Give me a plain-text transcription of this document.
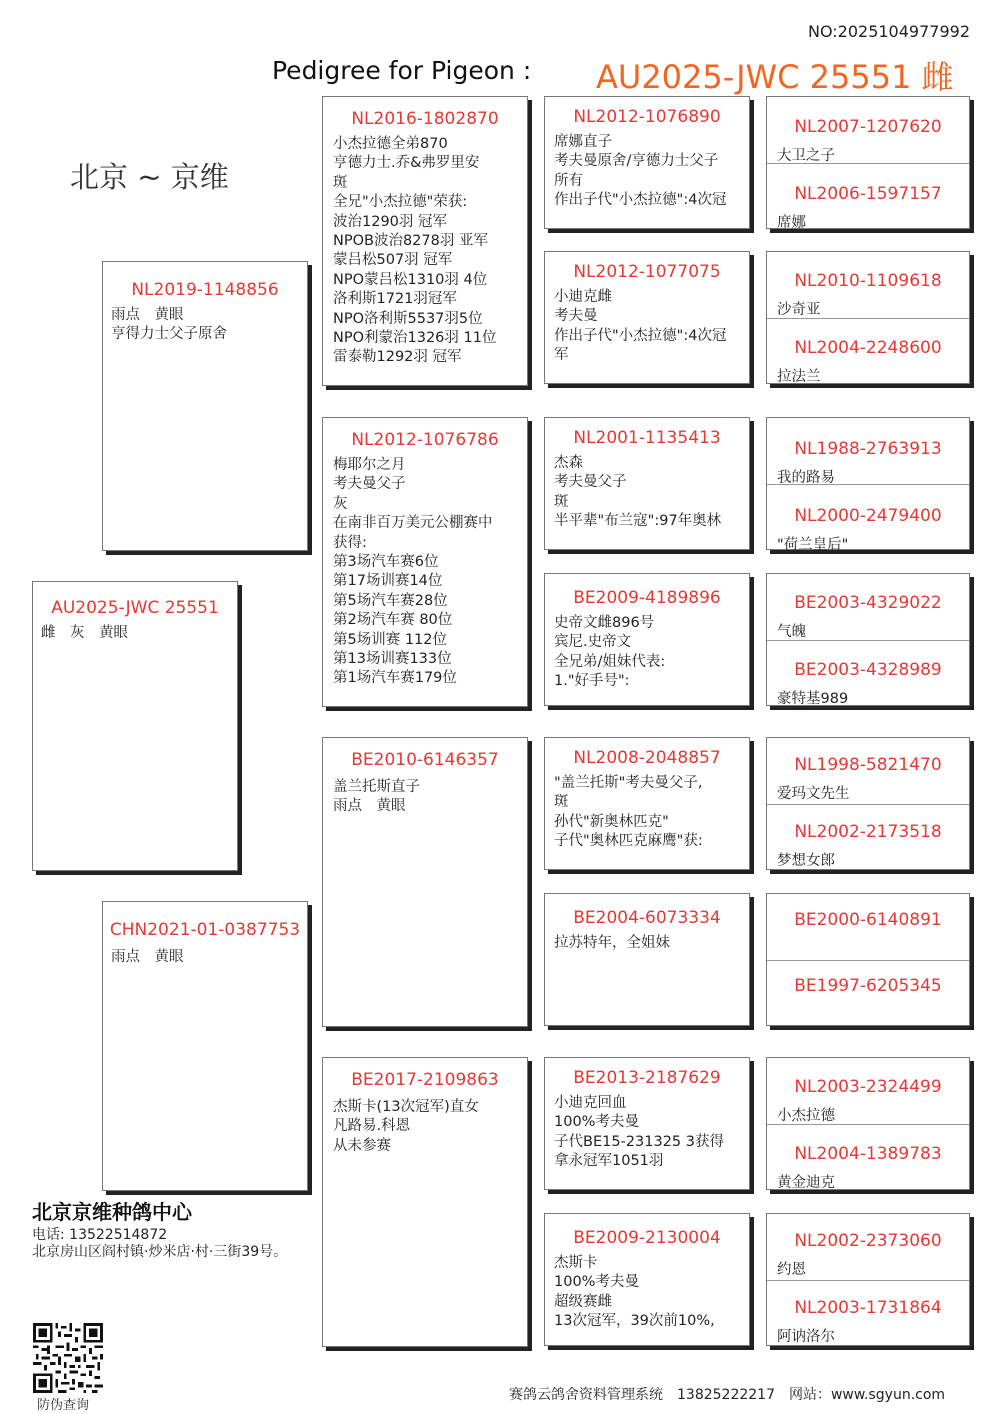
NO:2025104977992
Pedigree for Pigeon : AU2025-JWC 25551 雌
北京 ~ 京维
AU2025-JWC 25551
雌　灰　黄眼
NL2019-1148856
雨点　黄眼
亨得力士父子原舍
CHN2021-01-0387753
雨点　黄眼
NL2016-1802870
小杰拉德全弟870
亨德力士.乔&弗罗里安
斑
全兄"小杰拉德"荣获:
波治1290羽 冠军
NPOB波治8278羽 亚军
蒙吕松507羽 冠军
NPO蒙吕松1310羽 4位
洛利斯1721羽冠军
NPO洛利斯5537羽5位
NPO利蒙治1326羽 11位
雷泰勒1292羽 冠军
NL2012-1076786
梅耶尔之月
考夫曼父子
灰
在南非百万美元公棚赛中
获得:
第3场汽车赛6位
第17场训赛14位
第5场汽车赛28位
第2场汽车赛 80位
第5场训赛 112位
第13场训赛133位
第1场汽车赛179位
BE2010-6146357
盖兰托斯直子
雨点　黄眼
BE2017-2109863
杰斯卡(13次冠军)直女
凡路易.科恩
从未参赛
NL2012-1076890
席娜直子
考夫曼原舍/亨德力士父子
所有
作出子代"小杰拉德":4次冠
NL2012-1077075
小迪克雌
考夫曼
作出子代"小杰拉德":4次冠
军
NL2001-1135413
杰森
考夫曼父子
斑
半平辈"布兰寇":97年奥林
BE2009-4189896
史帝文雌896号
宾尼.史帝文
全兄弟/姐妹代表:
1."好手号":
NL2008-2048857
"盖兰托斯"考夫曼父子,
斑
孙代"新奥林匹克"
子代"奥林匹克麻鹰"获:
BE2004-6073334
拉苏特年，全姐妹
BE2013-2187629
小迪克回血
100%考夫曼
子代BE15-231325 3获得
拿永冠军1051羽
BE2009-2130004
杰斯卡
100%考夫曼
超级赛雌
13次冠军，39次前10%,
NL2007-1207620
大卫之子
NL2006-1597157
席娜
NL2010-1109618
沙奇亚
NL2004-2248600
拉法兰
NL1988-2763913
我的路易
NL2000-2479400
"荷兰皇后"
BE2003-4329022
气魄
BE2003-4328989
豪特基989
NL1998-5821470
爱玛文先生
NL2002-2173518
梦想女郎
BE2000-6140891
BE1997-6205345
NL2003-2324499
小杰拉德
NL2004-1389783
黄金迪克
NL2002-2373060
约恩
NL2003-1731864
阿讷洛尔
北京京维种鸽中心
电话: 13522514872
北京房山区阎村镇·炒米店·村·三街39号。
防伪查询
赛鸽云鸽舍资料管理系统　13825222217　网站：www.sgyun.com
